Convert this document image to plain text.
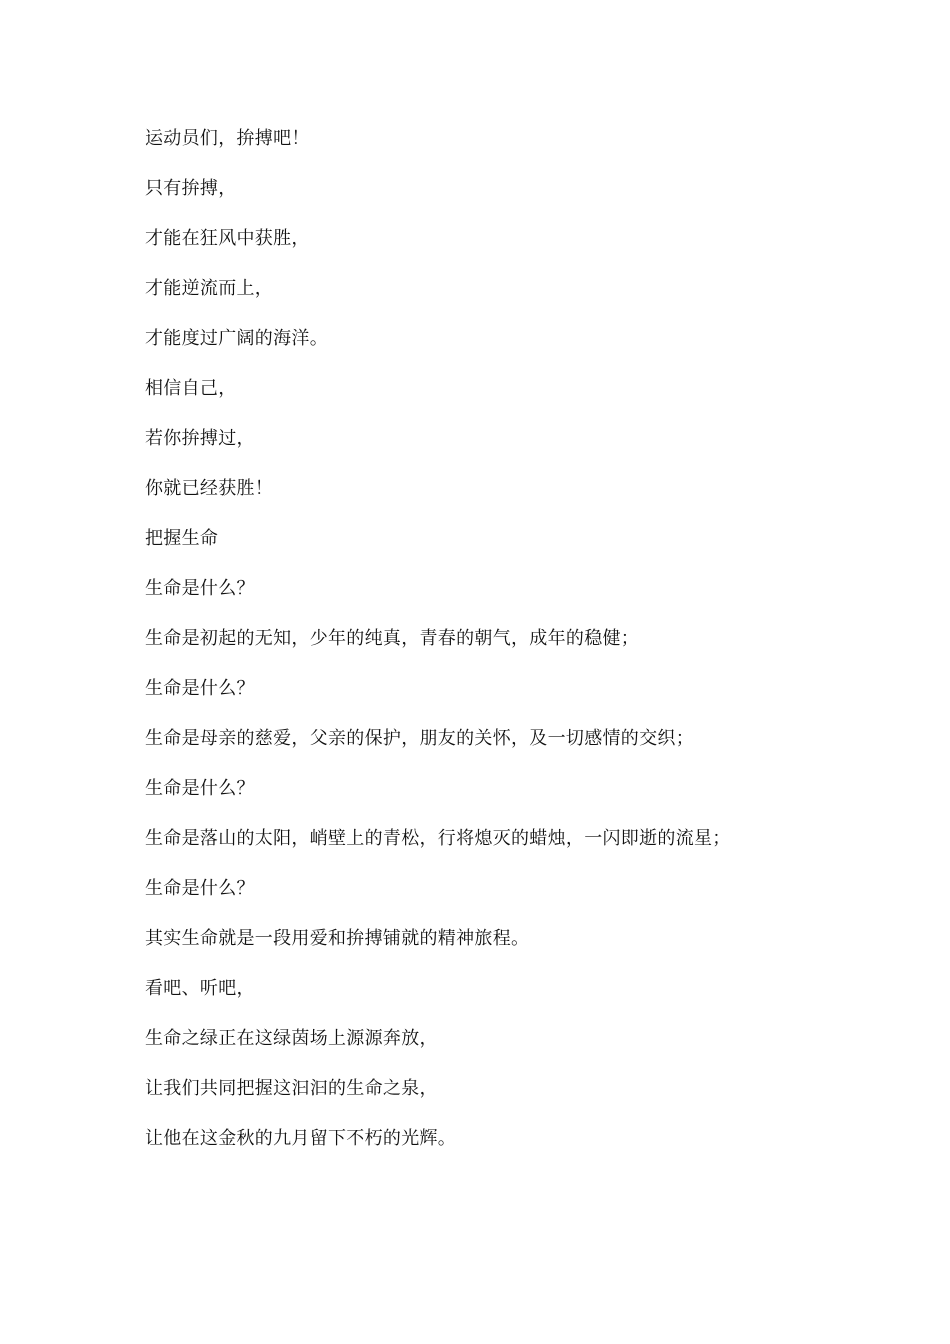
运动员们，拚搏吧！
只有拚搏，
才能在狂风中获胜，
才能逆流而上，
才能度过广阔的海洋。
相信自己，
若你拚搏过，
你就已经获胜！
把握生命
生命是什么？
生命是初起的无知，少年的纯真，青春的朝气，成年的稳健；
生命是什么？
生命是母亲的慈爱，父亲的保护，朋友的关怀，及一切感情的交织；
生命是什么？
生命是落山的太阳，峭壁上的青松，行将熄灭的蜡烛，一闪即逝的流星；
生命是什么？
其实生命就是一段用爱和拚搏铺就的精神旅程。
看吧、听吧，
生命之绿正在这绿茵场上源源奔放，
让我们共同把握这汩汩的生命之泉，
让他在这金秋的九月留下不朽的光辉。
